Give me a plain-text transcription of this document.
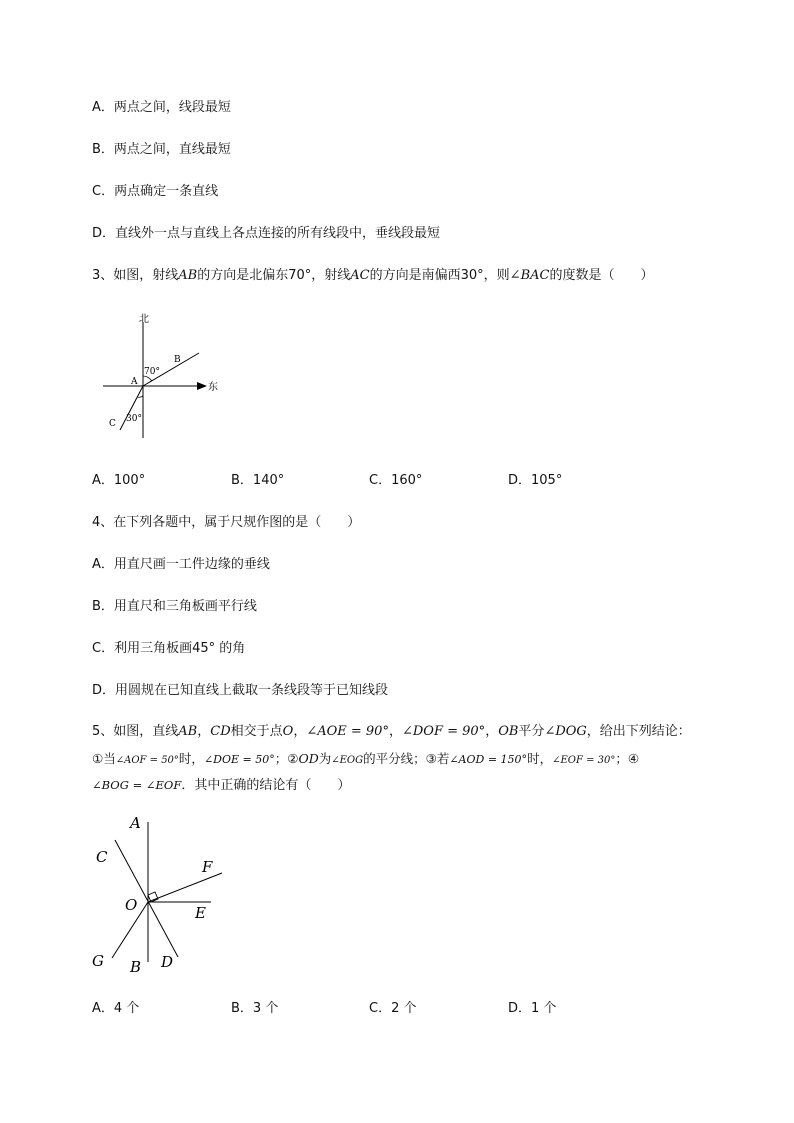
A．两点之间，线段最短
B．两点之间，直线最短
C．两点确定一条直线
D．直线外一点与直线上各点连接的所有线段中，垂线段最短
3、如图，射线AB的方向是北偏东70°，射线AC的方向是南偏西30°，则∠BAC的度数是（　　）
北
东
A
B
C
70°
30°
A．100°	B．140°	C．160°	D．105°
4、在下列各题中，属于尺规作图的是（　　）
A．用直尺画一工件边缘的垂线
B．用直尺和三角板画平行线
C．利用三角板画45° 的角
D．用圆规在已知直线上截取一条线段等于已知线段
5、如图，直线AB，CD相交于点O，∠AOE = 90°，∠DOF = 90°，OB平分∠DOG，给出下列结论：
①当∠AOF = 50°时，∠DOE = 50°；②OD为∠EOG的平分线；③若∠AOD = 150°时，∠EOF = 30°；④
∠BOG = ∠EOF．其中正确的结论有（　　）
A
C
F
O	E
G B D
A．4 个	B．3 个	C．2 个	D．1 个
